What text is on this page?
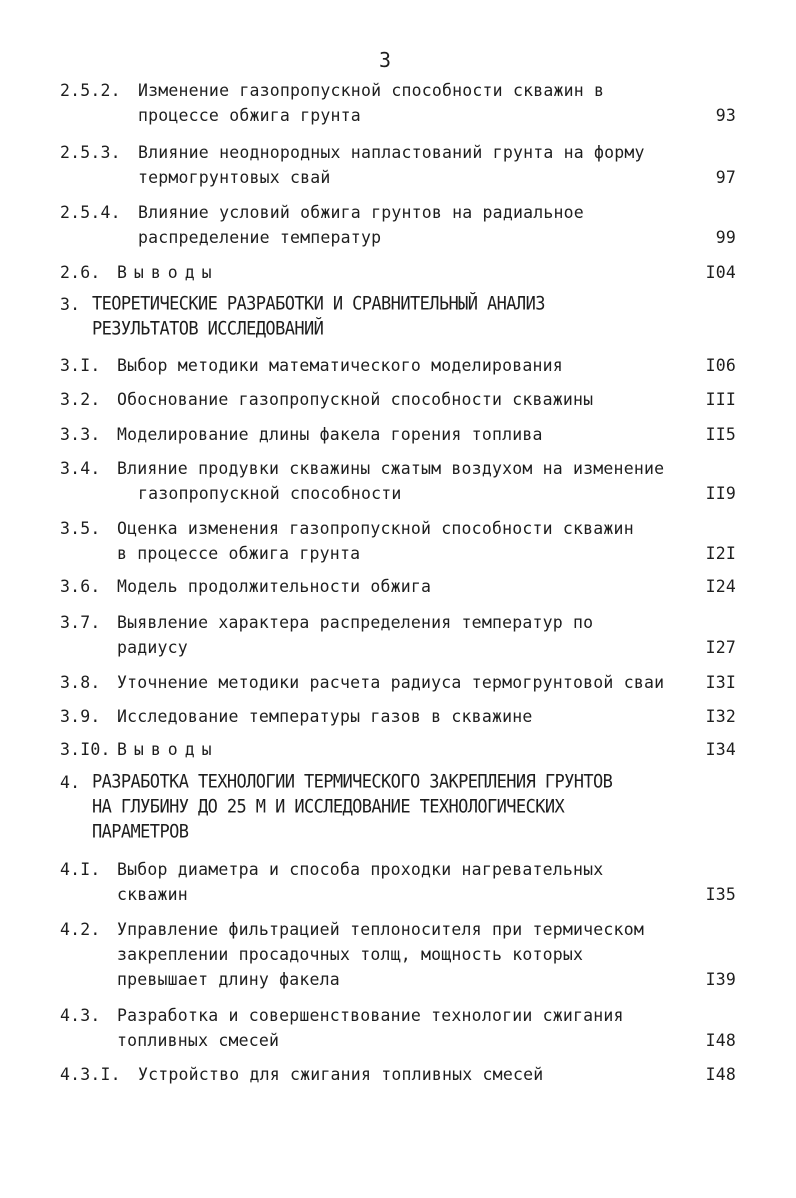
3
2.5.2. Изменение газопропускной способности скважин в
процессе обжига грунта	93
2.5.3. Влияние неоднородных напластований грунта на форму
термогрунтовых свай	97
2.5.4. Влияние условий обжига грунтов на радиальное
распределение температур	99
2.6. Выводы	I04
3. ТЕОРЕТИЧЕСКИЕ РАЗРАБОТКИ И СРАВНИТЕЛЬНЫЙ АНАЛИЗ
РЕЗУЛЬТАТОВ ИССЛЕДОВАНИЙ
3.I. Выбор методики математического моделирования	I06
3.2. Обоснование газопропускной способности скважины	III
3.3. Моделирование длины факела горения топлива	II5
3.4. Влияние продувки скважины сжатым воздухом на изменение
газопропускной способности	II9
3.5. Оценка изменения газопропускной способности скважин
в процессе обжига грунта	I2I
3.6. Модель продолжительности обжига	I24
3.7. Выявление характера распределения температур по
радиусу	I27
3.8. Уточнение методики расчета радиуса термогрунтовой сваи	I3I
3.9. Исследование температуры газов в скважине	I32
3.I0. Выводы	I34
4. РАЗРАБОТКА ТЕХНОЛОГИИ ТЕРМИЧЕСКОГО ЗАКРЕПЛЕНИЯ ГРУНТОВ
НА ГЛУБИНУ ДО 25 М И ИССЛЕДОВАНИЕ ТЕХНОЛОГИЧЕСКИХ
ПАРАМЕТРОВ
4.I. Выбор диаметра и способа проходки нагревательных
скважин	I35
4.2. Управление фильтрацией теплоносителя при термическом
закреплении просадочных толщ, мощность которых
превышает длину факела	I39
4.3. Разработка и совершенствование технологии сжигания
топливных смесей	I48
4.3.I. Устройство для сжигания топливных смесей	I48
